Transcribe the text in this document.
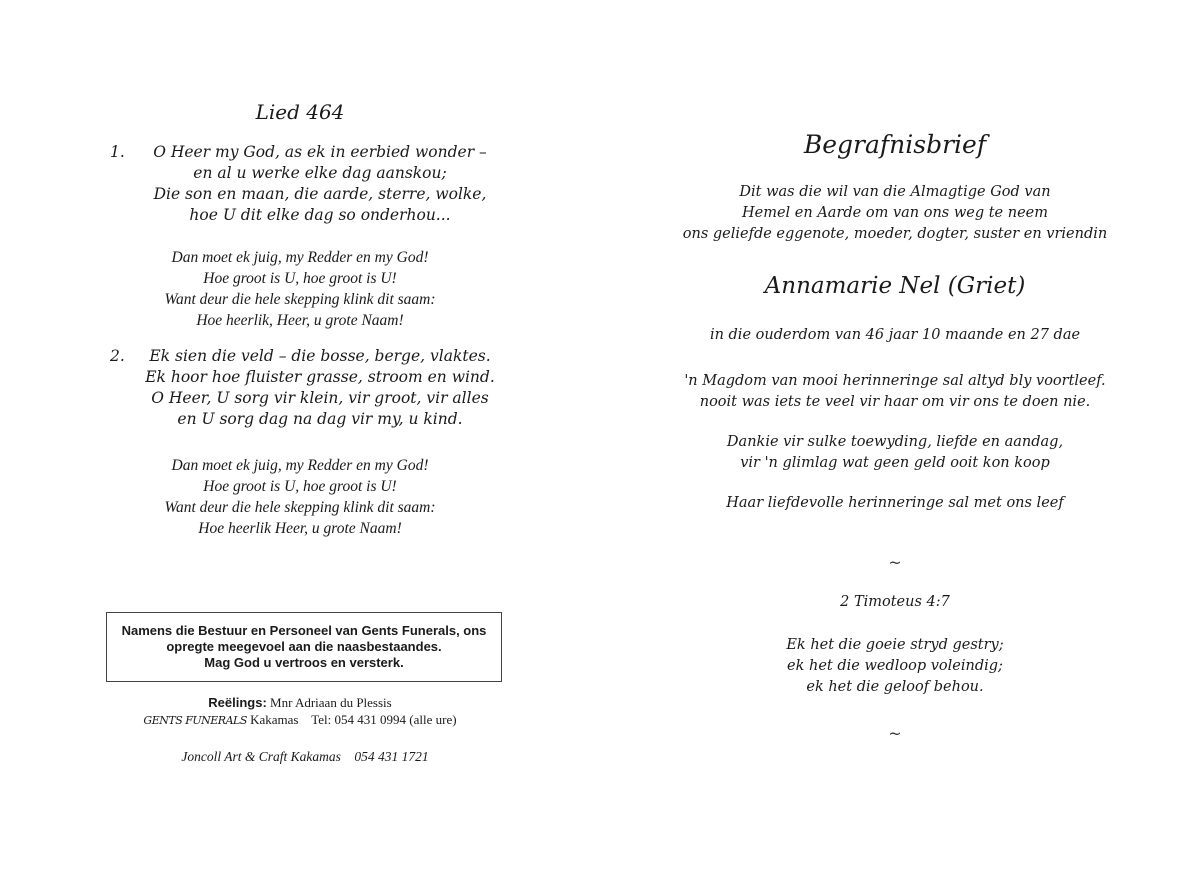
Lied 464
1.	O Heer my God, as ek in eerbied wonder –
en al u werke elke dag aanskou;
Die son en maan, die aarde, sterre, wolke,
hoe U dit elke dag so onderhou...
Dan moet ek juig, my Redder en my God!
Hoe groot is U, hoe groot is U!
Want deur die hele skepping klink dit saam:
Hoe heerlik, Heer, u grote Naam!
2.	Ek sien die veld – die bosse, berge, vlaktes.
Ek hoor hoe fluister grasse, stroom en wind.
O Heer, U sorg vir klein, vir groot, vir alles
en U sorg dag na dag vir my, u kind.
Dan moet ek juig, my Redder en my God!
Hoe groot is U, hoe groot is U!
Want deur die hele skepping klink dit saam:
Hoe heerlik Heer, u grote Naam!
Namens die Bestuur en Personeel van Gents Funerals, ons
opregte meegevoel aan die naasbestaandes.
Mag God u vertroos en versterk.
Reëlings: Mnr Adriaan du Plessis
GENTS FUNERALS Kakamas Tel: 054 431 0994 (alle ure)
Joncoll Art & Craft Kakamas 054 431 1721
Begrafnisbrief
Dit was die wil van die Almagtige God van
Hemel en Aarde om van ons weg te neem
ons geliefde eggenote, moeder, dogter, suster en vriendin
Annamarie Nel (Griet)
in die ouderdom van 46 jaar 10 maande en 27 dae
'n Magdom van mooi herinneringe sal altyd bly voortleef.
nooit was iets te veel vir haar om vir ons te doen nie.
Dankie vir sulke toewyding, liefde en aandag,
vir 'n glimlag wat geen geld ooit kon koop
Haar liefdevolle herinneringe sal met ons leef
~
2 Timoteus 4:7
Ek het die goeie stryd gestry;
ek het die wedloop voleindig;
ek het die geloof behou.
~
